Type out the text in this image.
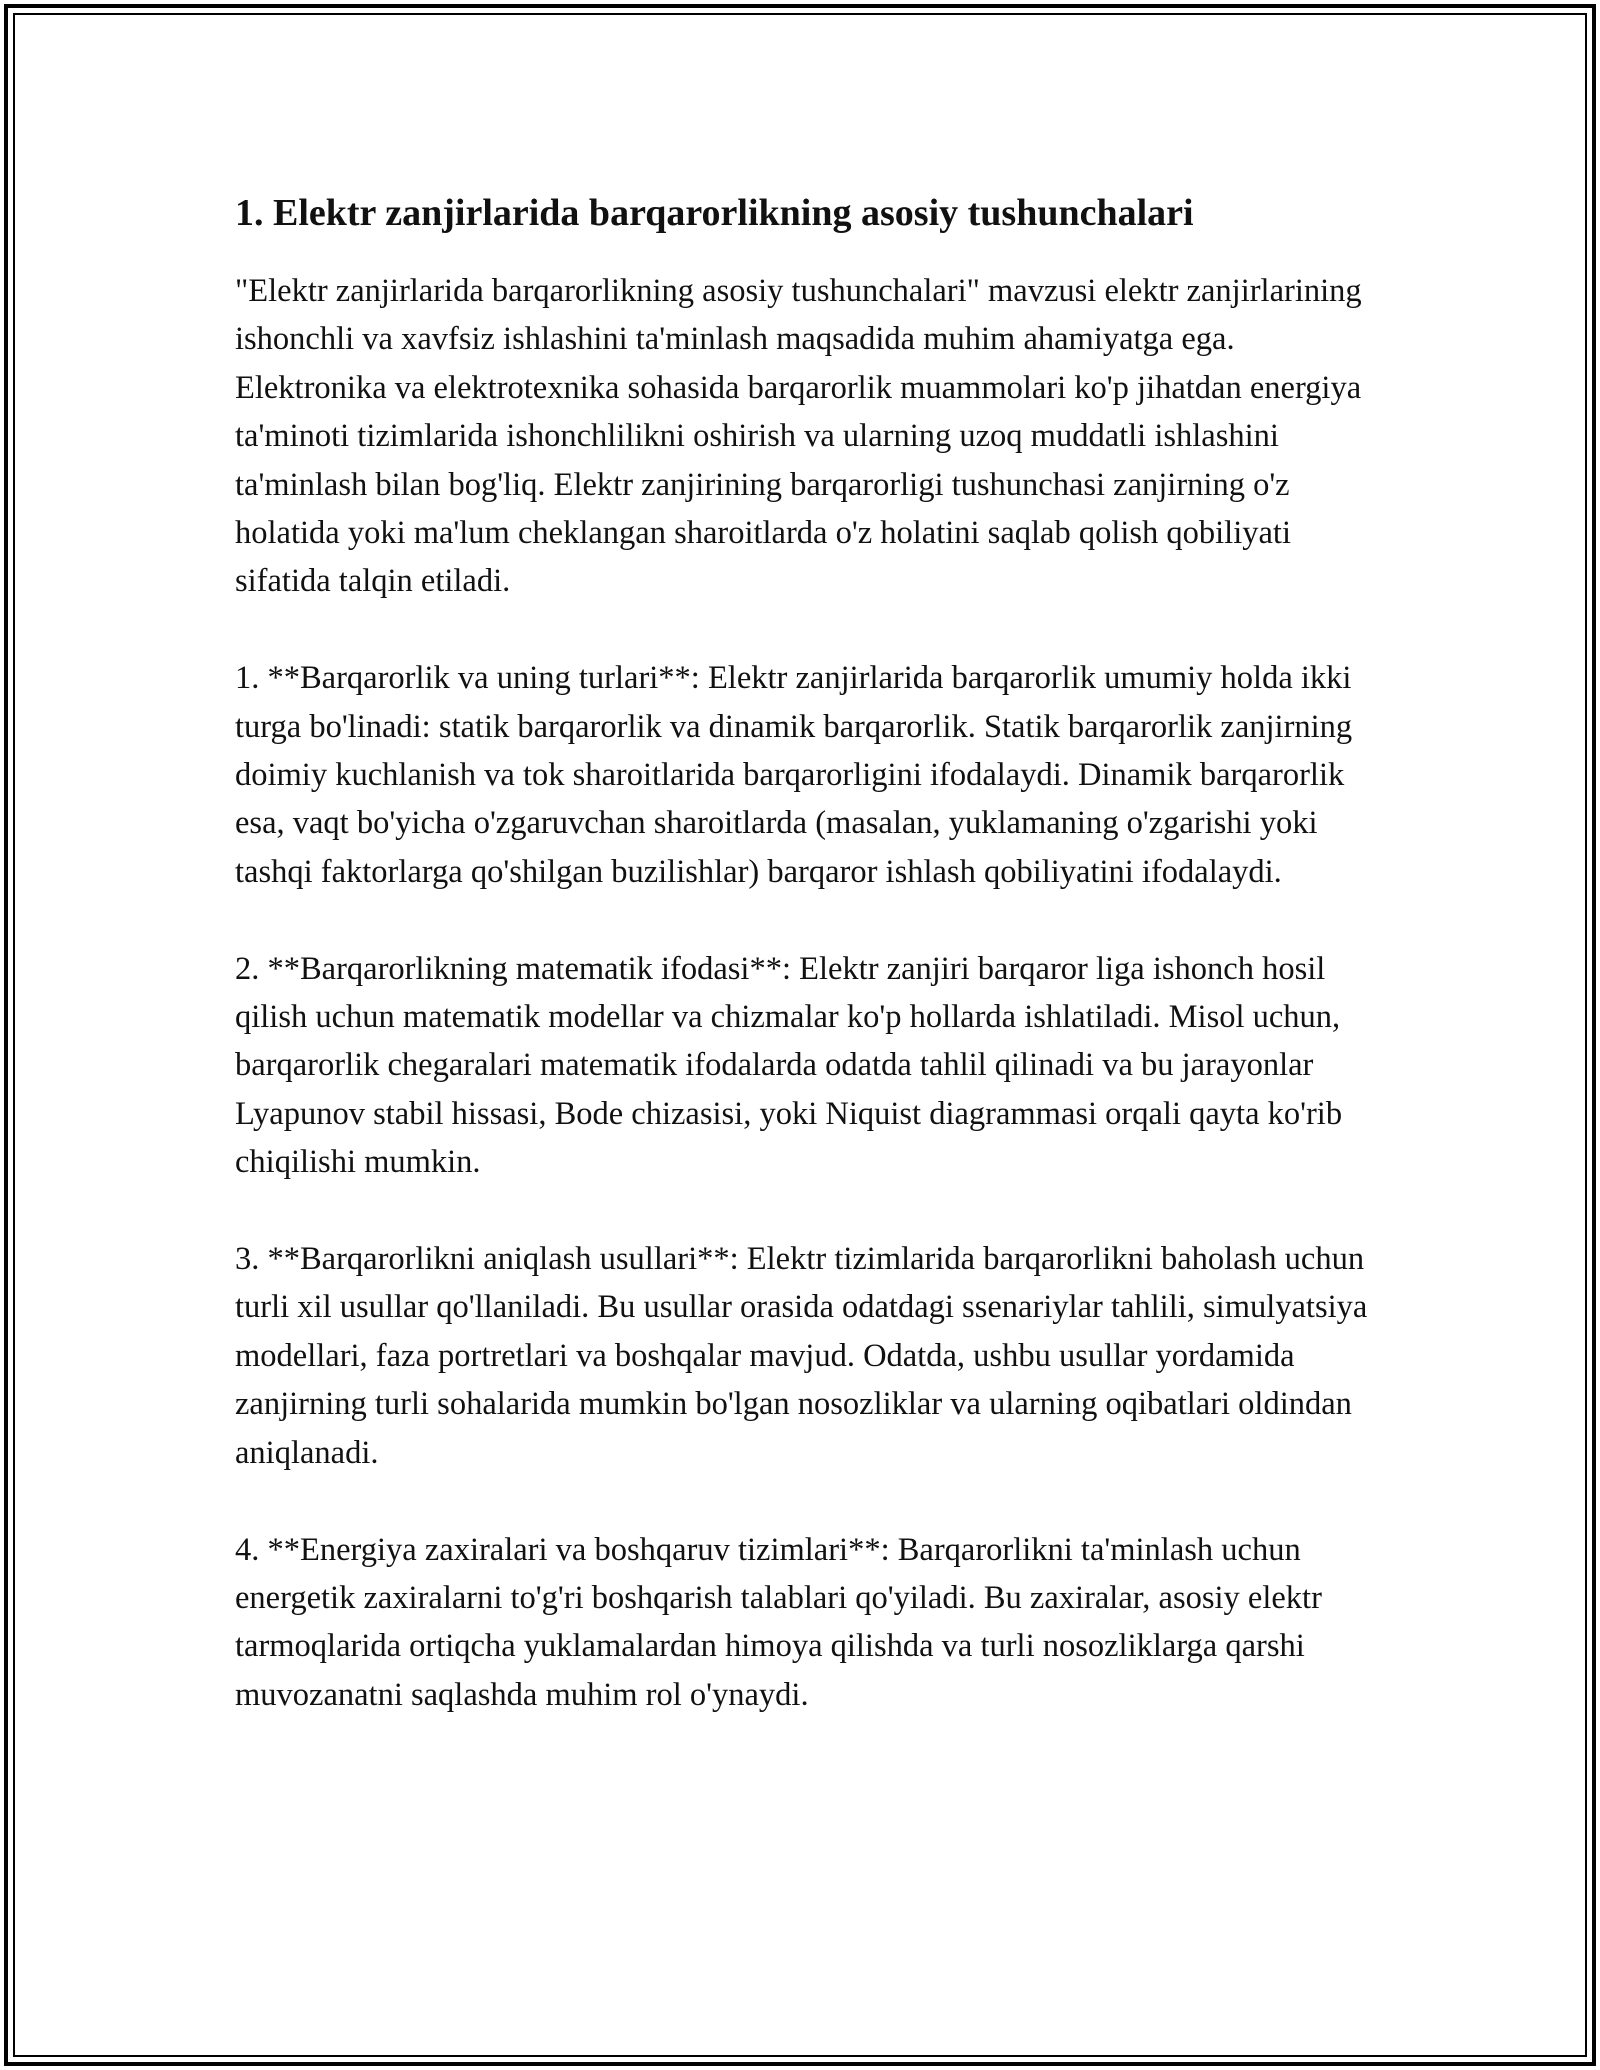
1. Elektr zanjirlarida barqarorlikning asosiy tushunchalari

"Elektr zanjirlarida barqarorlikning asosiy tushunchalari" mavzusi elektr zanjirlarining ishonchli va xavfsiz ishlashini ta'minlash maqsadida muhim ahamiyatga ega. Elektronika va elektrotexnika sohasida barqarorlik muammolari ko'p jihatdan energiya ta'minoti tizimlarida ishonchlilikni oshirish va ularning uzoq muddatli ishlashini ta'minlash bilan bog'liq. Elektr zanjirining barqarorligi tushunchasi zanjirning o'z holatida yoki ma'lum cheklangan sharoitlarda o'z holatini saqlab qolish qobiliyati sifatida talqin etiladi.

1. **Barqarorlik va uning turlari**: Elektr zanjirlarida barqarorlik umumiy holda ikki turga bo'linadi: statik barqarorlik va dinamik barqarorlik. Statik barqarorlik zanjirning doimiy kuchlanish va tok sharoitlarida barqarorligini ifodalaydi. Dinamik barqarorlik esa, vaqt bo'yicha o'zgaruvchan sharoitlarda (masalan, yuklamaning o'zgarishi yoki tashqi faktorlarga qo'shilgan buzilishlar) barqaror ishlash qobiliyatini ifodalaydi.

2. **Barqarorlikning matematik ifodasi**: Elektr zanjiri barqaror liga ishonch hosil qilish uchun matematik modellar va chizmalar ko'p hollarda ishlatiladi. Misol uchun, barqarorlik chegaralari matematik ifodalarda odatda tahlil qilinadi va bu jarayonlar Lyapunov stabil hissasi, Bode chizasisi, yoki Niquist diagrammasi orqali qayta ko'rib chiqilishi mumkin.

3. **Barqarorlikni aniqlash usullari**: Elektr tizimlarida barqarorlikni baholash uchun turli xil usullar qo'llaniladi. Bu usullar orasida odatdagi ssenariylar tahlili, simulyatsiya modellari, faza portretlari va boshqalar mavjud. Odatda, ushbu usullar yordamida zanjirning turli sohalarida mumkin bo'lgan nosozliklar va ularning oqibatlari oldindan aniqlanadi.

4. **Energiya zaxiralari va boshqaruv tizimlari**: Barqarorlikni ta'minlash uchun energetik zaxiralarni to'g'ri boshqarish talablari qo'yiladi. Bu zaxiralar, asosiy elektr tarmoqlarida ortiqcha yuklamalardan himoya qilishda va turli nosozliklarga qarshi muvozanatni saqlashda muhim rol o'ynaydi.
